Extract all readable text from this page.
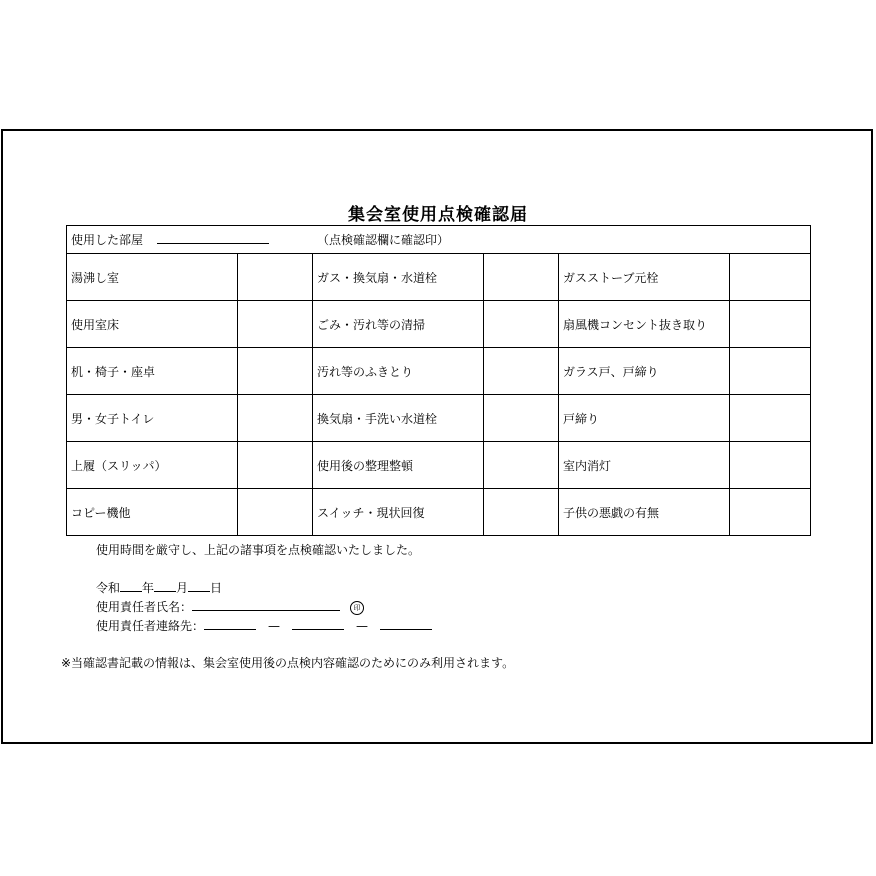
集会室使用点検確認届
使用した部屋 （点検確認欄に確認印）					
湯沸し室		ガス・換気扇・水道栓		ガスストーブ元栓	
使用室床		ごみ・汚れ等の清掃		扇風機コンセント抜き取り	
机・椅子・座卓		汚れ等のふきとり		ガラス戸、戸締り	
男・女子トイレ		換気扇・手洗い水道栓		戸締り	
上履（スリッパ）		使用後の整理整頓		室内消灯	
コピー機他		スイッチ・現状回復		子供の悪戯の有無	
使用時間を厳守し、上記の諸事項を点検確認いたしました。
令和 年 月 日
使用責任者氏名：	印
使用責任者連絡先：	—	—
※当確認書記載の情報は、集会室使用後の点検内容確認のためにのみ利用されます。
